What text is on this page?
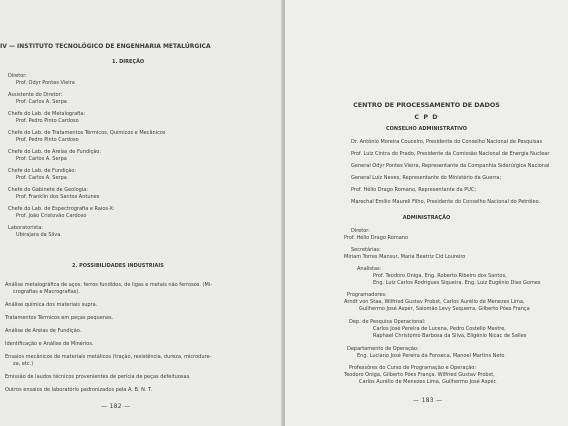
IV — INSTITUTO TECNOLÓGICO DE ENGENHARIA METALÚRGICA
1. DIREÇÃO
Diretor:
Prof. Odyr Pontes Vieira
Assistente do Diretor:
Prof. Carlos A. Serpa
Chefe do Lab. de Metalografia:
Prof. Pedro Pinto Cardoso
Chefe do Lab. de Tratamentos Térmicos, Químicos e Mecânicos
Prof. Pedro Pinto Cardoso
Chefe do Lab. de Areias de Fundição:
Prof. Carlos A. Serpa
Chefe do Lab. de Fundição:
Prof. Carlos A. Serpa
Chefe do Gabinete de Geologia:
Prof. Franklin dos Santos Antunes
Chefe do Lab. de Espectrografia e Raios-X:
Prof. João Cristovão Cardoso
Laboratorista:
Ubirajara da Silva.
2. POSSIBILIDADES INDUSTRIAIS
Análise metalográfica de aços, ferros fundidos, de ligas e metais não ferrosos. (Mi-
crografias e Macrografias).
Análise química dos materiais supra.
Tratamentos Térmicos em peças pequenas.
Análise de Areias de Fundição.
Identificação e Análise de Minérios.
Ensaios mecânicos de materiais metálicos (tração, resistência, dureza, microdure-
za, etc.)
Emissão de laudos técnicos provenientes de perícia de peças defeituosas.
Outros ensaios de laboratório padronizados pela A. B. N. T.
— 182 —
CENTRO DE PROCESSAMENTO DE DADOS
C P D
CONSELHO ADMINISTRATIVO
Dr. Antônio Moreira Couceiro, Presidente do Conselho Nacional de Pesquisas
Prof. Luiz Cintra do Prado, Presidente da Comissão Nacional de Energia Nuclear
General Odyr Pontes Vieira, Representante da Companhia Siderúrgica Nacional
General Luiz Neves, Representante do Ministério da Guerra;
Prof. Hélio Drago Romano, Representante da PUC;
Marechal Emílio Maurell Filho, Presidente do Conselho Nacional do Petróleo.
ADMINISTRAÇÃO
Diretor:
Prof. Hélio Drago Romano
Secretárias:
Miriam Torres Mansur, Maria Beatriz Cid Loureiro
Analistas:
Prof. Teodoro Oniga, Eng. Roberto Ribeiro dos Santos,
Eng. Luiz Carlos Rodrigues Siqueira, Eng. Luiz Eugênio Dias Gomes
Programadores:
Arndt von Staa, Wilfried Gustav Probst, Carlos Aurélio de Menezes Lima,
Guilhermo José Aspér, Salomão Levy Sequerra, Gilberto Póes França
Dep. de Pesquisa Operacional:
Carlos José Pereira de Lucena, Pedro Costello Mestre,
Raphael Christomo Barbosa da Silva, Eligênio Nicac de Salles
Departamento de Operação:
Eng. Luciano José Pereira da Fonseca, Manoel Martins Neto
Professôres do Curso de Programação e Operação:
Teodoro Oniga, Gilberto Póes França, Wilfried Gustav Probst,
Carlos Aurélio de Menezes Lima, Guilhermo José Aspér.
— 183 —
